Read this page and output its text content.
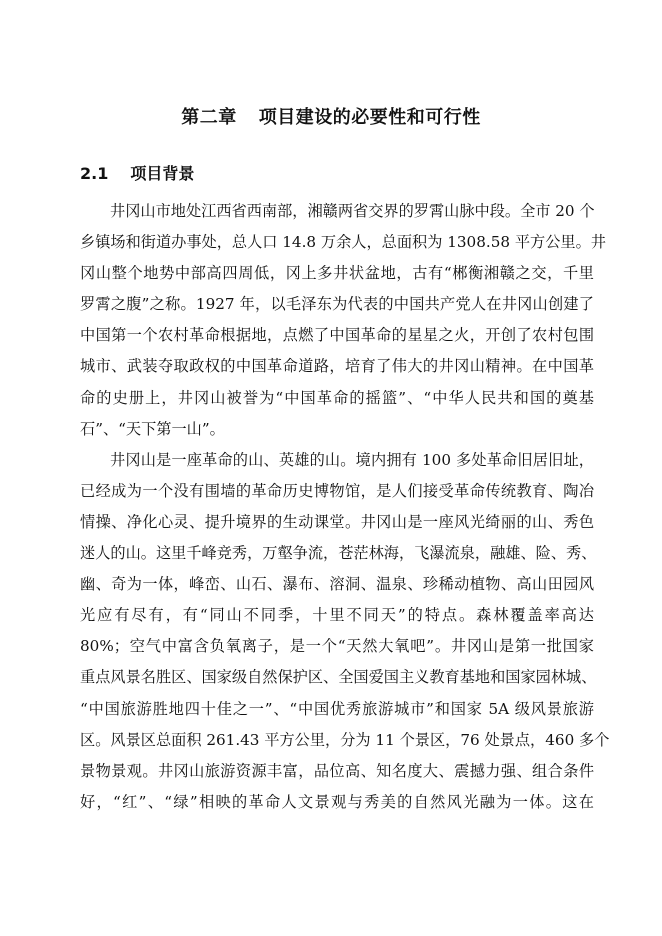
第二章 项目建设的必要性和可行性
2.1 项目背景

井冈山市地处江西省西南部，湘赣两省交界的罗霄山脉中段。全市 20 个
乡镇场和街道办事处，总人口 14.8 万余人，总面积为 1308.58 平方公里。井
冈山整个地势中部高四周低，冈上多井状盆地，古有“郴衡湘赣之交，千里
罗霄之腹”之称。1927 年，以毛泽东为代表的中国共产党人在井冈山创建了
中国第一个农村革命根据地，点燃了中国革命的星星之火，开创了农村包围
城市、武装夺取政权的中国革命道路，培育了伟大的井冈山精神。在中国革
命的史册上，井冈山被誉为“中国革命的摇篮”、“中华人民共和国的奠基
石”、“天下第一山”。

井冈山是一座革命的山、英雄的山。境内拥有 100 多处革命旧居旧址，
已经成为一个没有围墙的革命历史博物馆，是人们接受革命传统教育、陶冶
情操、净化心灵、提升境界的生动课堂。井冈山是一座风光绮丽的山、秀色
迷人的山。这里千峰竞秀，万壑争流，苍茫林海，飞瀑流泉，融雄、险、秀、
幽、奇为一体，峰峦、山石、瀑布、溶洞、温泉、珍稀动植物、高山田园风
光应有尽有，有“同山不同季，十里不同天”的特点。森林覆盖率高达
80%；空气中富含负氧离子，是一个“天然大氧吧”。井冈山是第一批国家
重点风景名胜区、国家级自然保护区、全国爱国主义教育基地和国家园林城、
“中国旅游胜地四十佳之一”、“中国优秀旅游城市”和国家 5A 级风景旅游
区。风景区总面积 261.43 平方公里，分为 11 个景区，76 处景点，460 多个
景物景观。井冈山旅游资源丰富，品位高、知名度大、震撼力强、组合条件
好，“红”、“绿”相映的革命人文景观与秀美的自然风光融为一体。这在
